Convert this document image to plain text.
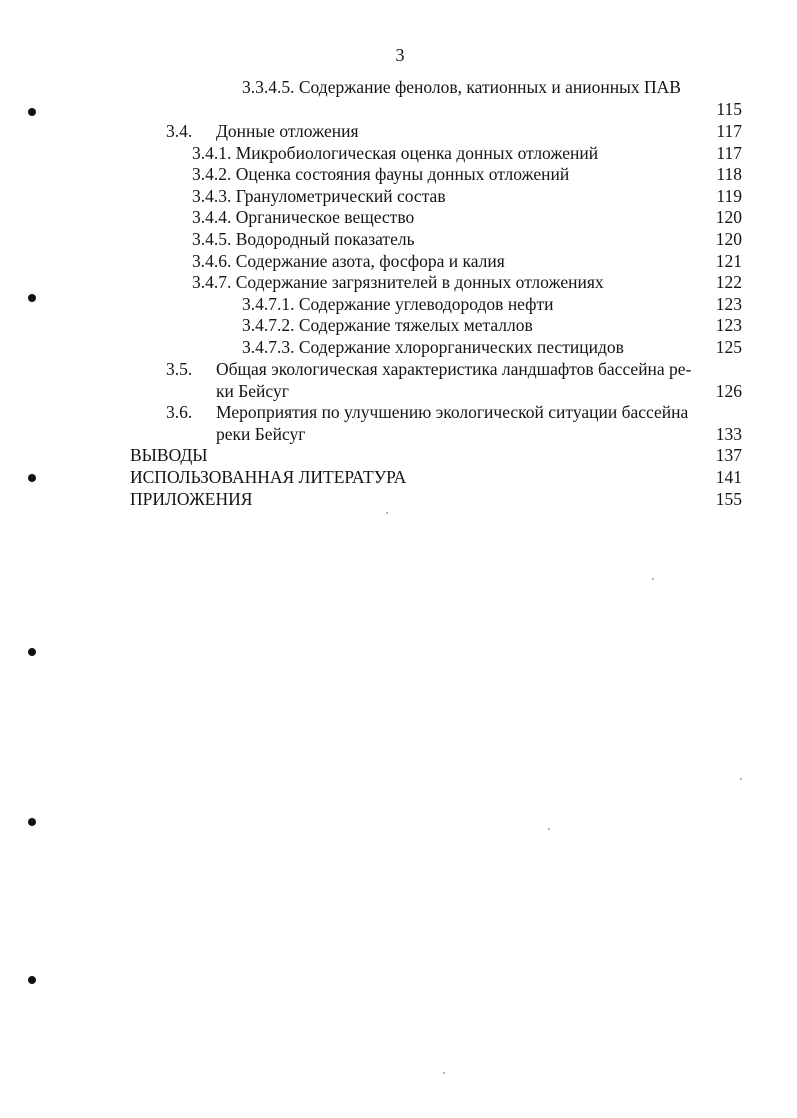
3
3.3.4.5. Содержание фенолов, катионных и анионных ПАВ
115
3.4. Донные отложения	117
3.4.1. Микробиологическая оценка донных отложений	117
3.4.2. Оценка состояния фауны донных отложений	118
3.4.3. Гранулометрический состав	119
3.4.4. Органическое вещество	120
3.4.5. Водородный показатель	120
3.4.6. Содержание азота, фосфора и калия	121
3.4.7. Содержание загрязнителей в донных отложениях	122
3.4.7.1. Содержание углеводородов нефти	123
3.4.7.2. Содержание тяжелых металлов	123
3.4.7.3. Содержание хлорорганических пестицидов	125
3.5. Общая экологическая характеристика ландшафтов бассейна ре-
ки Бейсуг	126
3.6. Мероприятия по улучшению экологической ситуации бассейна
реки Бейсуг	133
ВЫВОДЫ	137
ИСПОЛЬЗОВАННАЯ ЛИТЕРАТУРА	141
ПРИЛОЖЕНИЯ	155
